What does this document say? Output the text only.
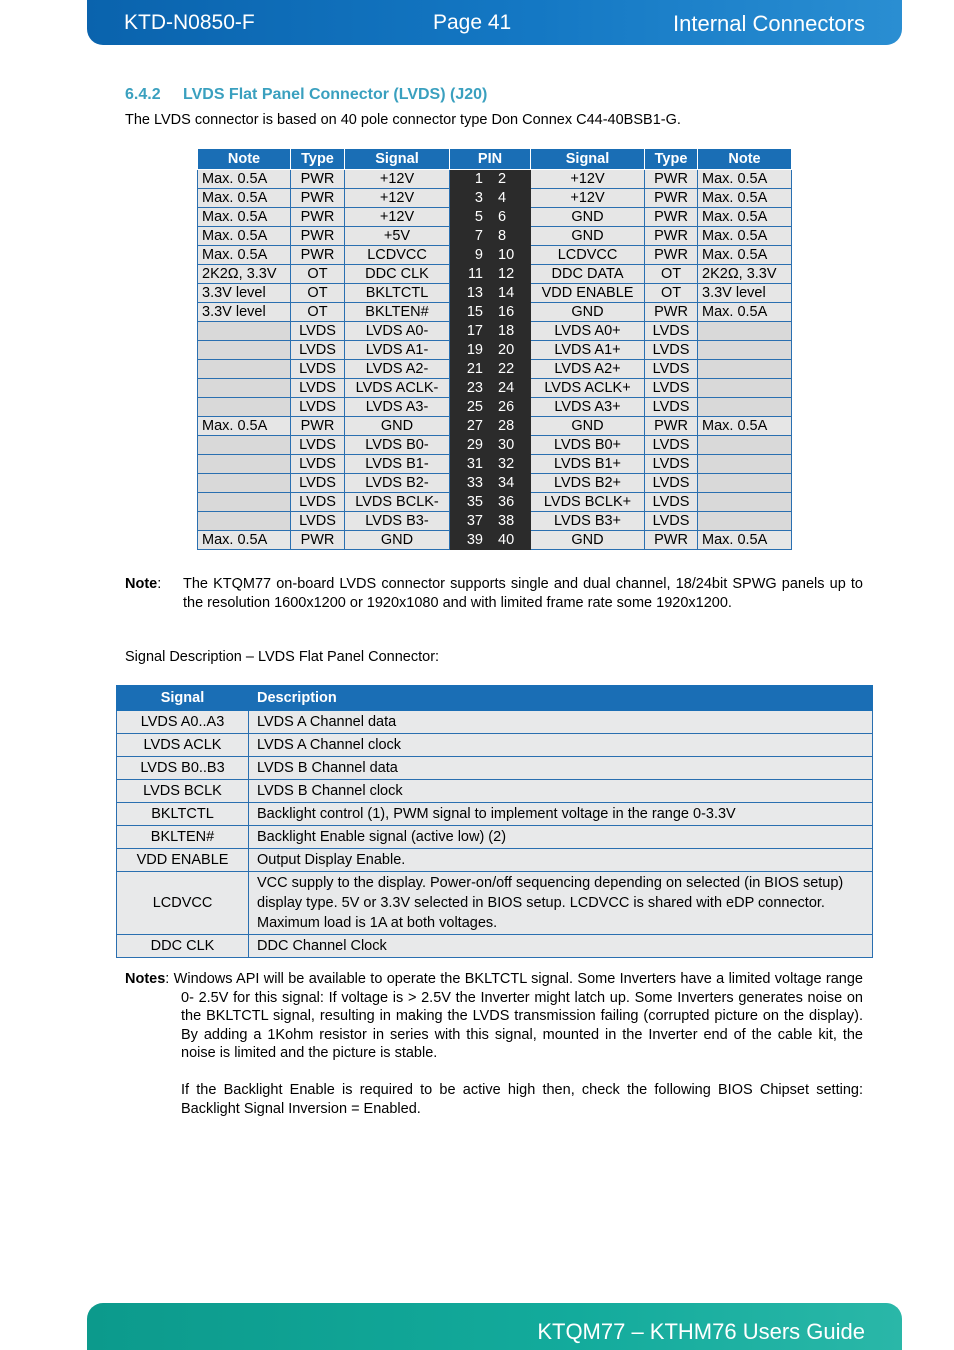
KTD-N0850-F	Page 41	Internal Connectors
6.4.2 LVDS Flat Panel Connector (LVDS) (J20)
The LVDS connector is based on 40 pole connector type Don Connex C44-40BSB1-G.
Note	Type	Signal	PIN		Signal	Type	Note
Max. 0.5A	PWR	+12V	1	2	+12V	PWR	Max. 0.5A
Max. 0.5A	PWR	+12V	3	4	+12V	PWR	Max. 0.5A
Max. 0.5A	PWR	+12V	5	6	GND	PWR	Max. 0.5A
Max. 0.5A	PWR	+5V	7	8	GND	PWR	Max. 0.5A
Max. 0.5A	PWR	LCDVCC	9	10	LCDVCC	PWR	Max. 0.5A
2K2Ω, 3.3V	OT	DDC CLK	11	12	DDC DATA	OT	2K2Ω, 3.3V
3.3V level	OT	BKLTCTL	13	14	VDD ENABLE	OT	3.3V level
3.3V level	OT	BKLTEN#	15	16	GND	PWR	Max. 0.5A
	LVDS	LVDS A0-	17	18	LVDS A0+	LVDS	
	LVDS	LVDS A1-	19	20	LVDS A1+	LVDS	
	LVDS	LVDS A2-	21	22	LVDS A2+	LVDS	
	LVDS	LVDS ACLK-	23	24	LVDS ACLK+	LVDS	
	LVDS	LVDS A3-	25	26	LVDS A3+	LVDS	
Max. 0.5A	PWR	GND	27	28	GND	PWR	Max. 0.5A
	LVDS	LVDS B0-	29	30	LVDS B0+	LVDS	
	LVDS	LVDS B1-	31	32	LVDS B1+	LVDS	
	LVDS	LVDS B2-	33	34	LVDS B2+	LVDS	
	LVDS	LVDS BCLK-	35	36	LVDS BCLK+	LVDS	
	LVDS	LVDS B3-	37	38	LVDS B3+	LVDS	
Max. 0.5A	PWR	GND	39	40	GND	PWR	Max. 0.5A
Note: The KTQM77 on-board LVDS connector supports single and dual channel, 18/24bit SPWG panels up to the resolution 1600x1200 or 1920x1080 and with limited frame rate some 1920x1200.
Signal Description – LVDS Flat Panel Connector:
Signal	Description
LVDS A0..A3	LVDS A Channel data
LVDS ACLK	LVDS A Channel clock
LVDS B0..B3	LVDS B Channel data
LVDS BCLK	LVDS B Channel clock
BKLTCTL	Backlight control (1), PWM signal to implement voltage in the range 0-3.3V
BKLTEN#	Backlight Enable signal (active low) (2)
VDD ENABLE	Output Display Enable.
LCDVCC	VCC supply to the display. Power-on/off sequencing depending on selected (in BIOS setup) display type. 5V or 3.3V selected in BIOS setup. LCDVCC is shared with eDP connector. Maximum load is 1A at both voltages.
DDC CLK	DDC Channel Clock

Notes: Windows API will be available to operate the BKLTCTL signal. Some Inverters have a limited voltage range 0- 2.5V for this signal: If voltage is > 2.5V the Inverter might latch up. Some Inverters generates noise on the BKLTCTL signal, resulting in making the LVDS transmission failing (corrupted picture on the display). By adding a 1Kohm resistor in series with this signal, mounted in the Inverter end of the cable kit, the noise is limited and the picture is stable.

If the Backlight Enable is required to be active high then, check the following BIOS Chipset setting: Backlight Signal Inversion = Enabled.

KTQM77 – KTHM76 Users Guide
